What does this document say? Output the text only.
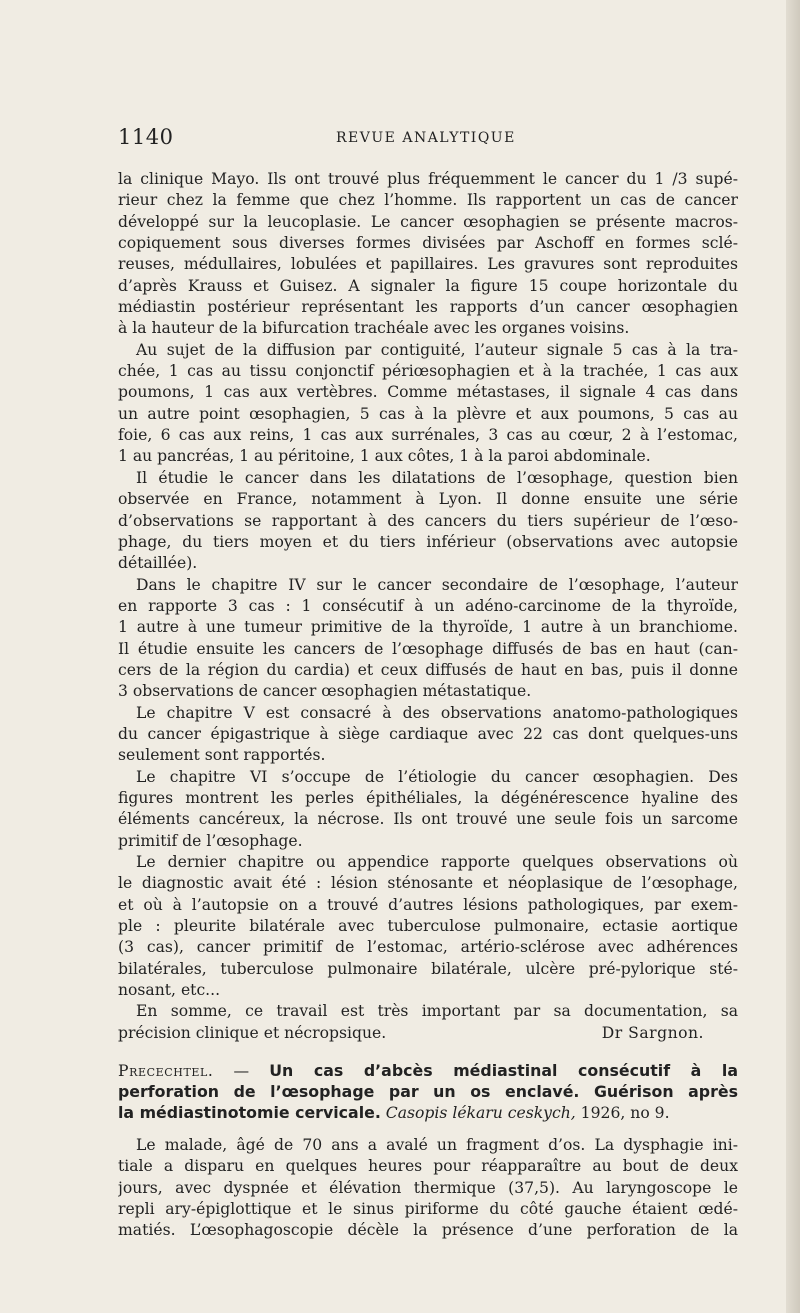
1140	REVUE ANALYTIQUE
la clinique Mayo. Ils ont trouvé plus fréquemment le cancer du 1 /3 supé-
rieur chez la femme que chez l’homme. Ils rapportent un cas de cancer
développé sur la leucoplasie. Le cancer œsophagien se présente macros-
copiquement sous diverses formes divisées par Aschoff en formes sclé-
reuses, médullaires, lobulées et papillaires. Les gravures sont reproduites
d’après Krauss et Guisez. A signaler la figure 15 coupe horizontale du
médiastin postérieur représentant les rapports d’un cancer œsophagien
à la hauteur de la bifurcation trachéale avec les organes voisins.
Au sujet de la diffusion par contiguité, l’auteur signale 5 cas à la tra-
chée, 1 cas au tissu conjonctif périœsophagien et à la trachée, 1 cas aux
poumons, 1 cas aux vertèbres. Comme métastases, il signale 4 cas dans
un autre point œsophagien, 5 cas à la plèvre et aux poumons, 5 cas au
foie, 6 cas aux reins, 1 cas aux surrénales, 3 cas au cœur, 2 à l’estomac,
1 au pancréas, 1 au péritoine, 1 aux côtes, 1 à la paroi abdominale.
Il étudie le cancer dans les dilatations de l’œsophage, question bien
observée en France, notamment à Lyon. Il donne ensuite une série
d’observations se rapportant à des cancers du tiers supérieur de l’œso-
phage, du tiers moyen et du tiers inférieur (observations avec autopsie
détaillée).
Dans le chapitre IV sur le cancer secondaire de l’œsophage, l’auteur
en rapporte 3 cas : 1 consécutif à un adéno-carcinome de la thyroïde,
1 autre à une tumeur primitive de la thyroïde, 1 autre à un branchiome.
Il étudie ensuite les cancers de l’œsophage diffusés de bas en haut (can-
cers de la région du cardia) et ceux diffusés de haut en bas, puis il donne
3 observations de cancer œsophagien métastatique.
Le chapitre V est consacré à des observations anatomo-pathologiques
du cancer épigastrique à siège cardiaque avec 22 cas dont quelques-uns
seulement sont rapportés.
Le chapitre VI s’occupe de l’étiologie du cancer œsophagien. Des
figures montrent les perles épithéliales, la dégénérescence hyaline des
éléments cancéreux, la nécrose. Ils ont trouvé une seule fois un sarcome
primitif de l’œsophage.
Le dernier chapitre ou appendice rapporte quelques observations où
le diagnostic avait été : lésion sténosante et néoplasique de l’œsophage,
et où à l’autopsie on a trouvé d’autres lésions pathologiques, par exem-
ple : pleurite bilatérale avec tuberculose pulmonaire, ectasie aortique
(3 cas), cancer primitif de l’estomac, artério-sclérose avec adhérences
bilatérales, tuberculose pulmonaire bilatérale, ulcère pré-pylorique sté-
nosant, etc...
En somme, ce travail est très important par sa documentation, sa
précision clinique et nécropsique.	Dr Sargnon.
Precechtel. — Un cas d’abcès médiastinal consécutif à la
perforation de l’œsophage par un os enclavé. Guérison après
la médiastinotomie cervicale. Casopis lékaru ceskych, 1926, no 9.
Le malade, âgé de 70 ans a avalé un fragment d’os. La dysphagie ini-
tiale a disparu en quelques heures pour réapparaître au bout de deux
jours, avec dyspnée et élévation thermique (37,5). Au laryngoscope le
repli ary-épiglottique et le sinus piriforme du côté gauche étaient œdé-
matiés. L’œsophagoscopie décèle la présence d’une perforation de la
